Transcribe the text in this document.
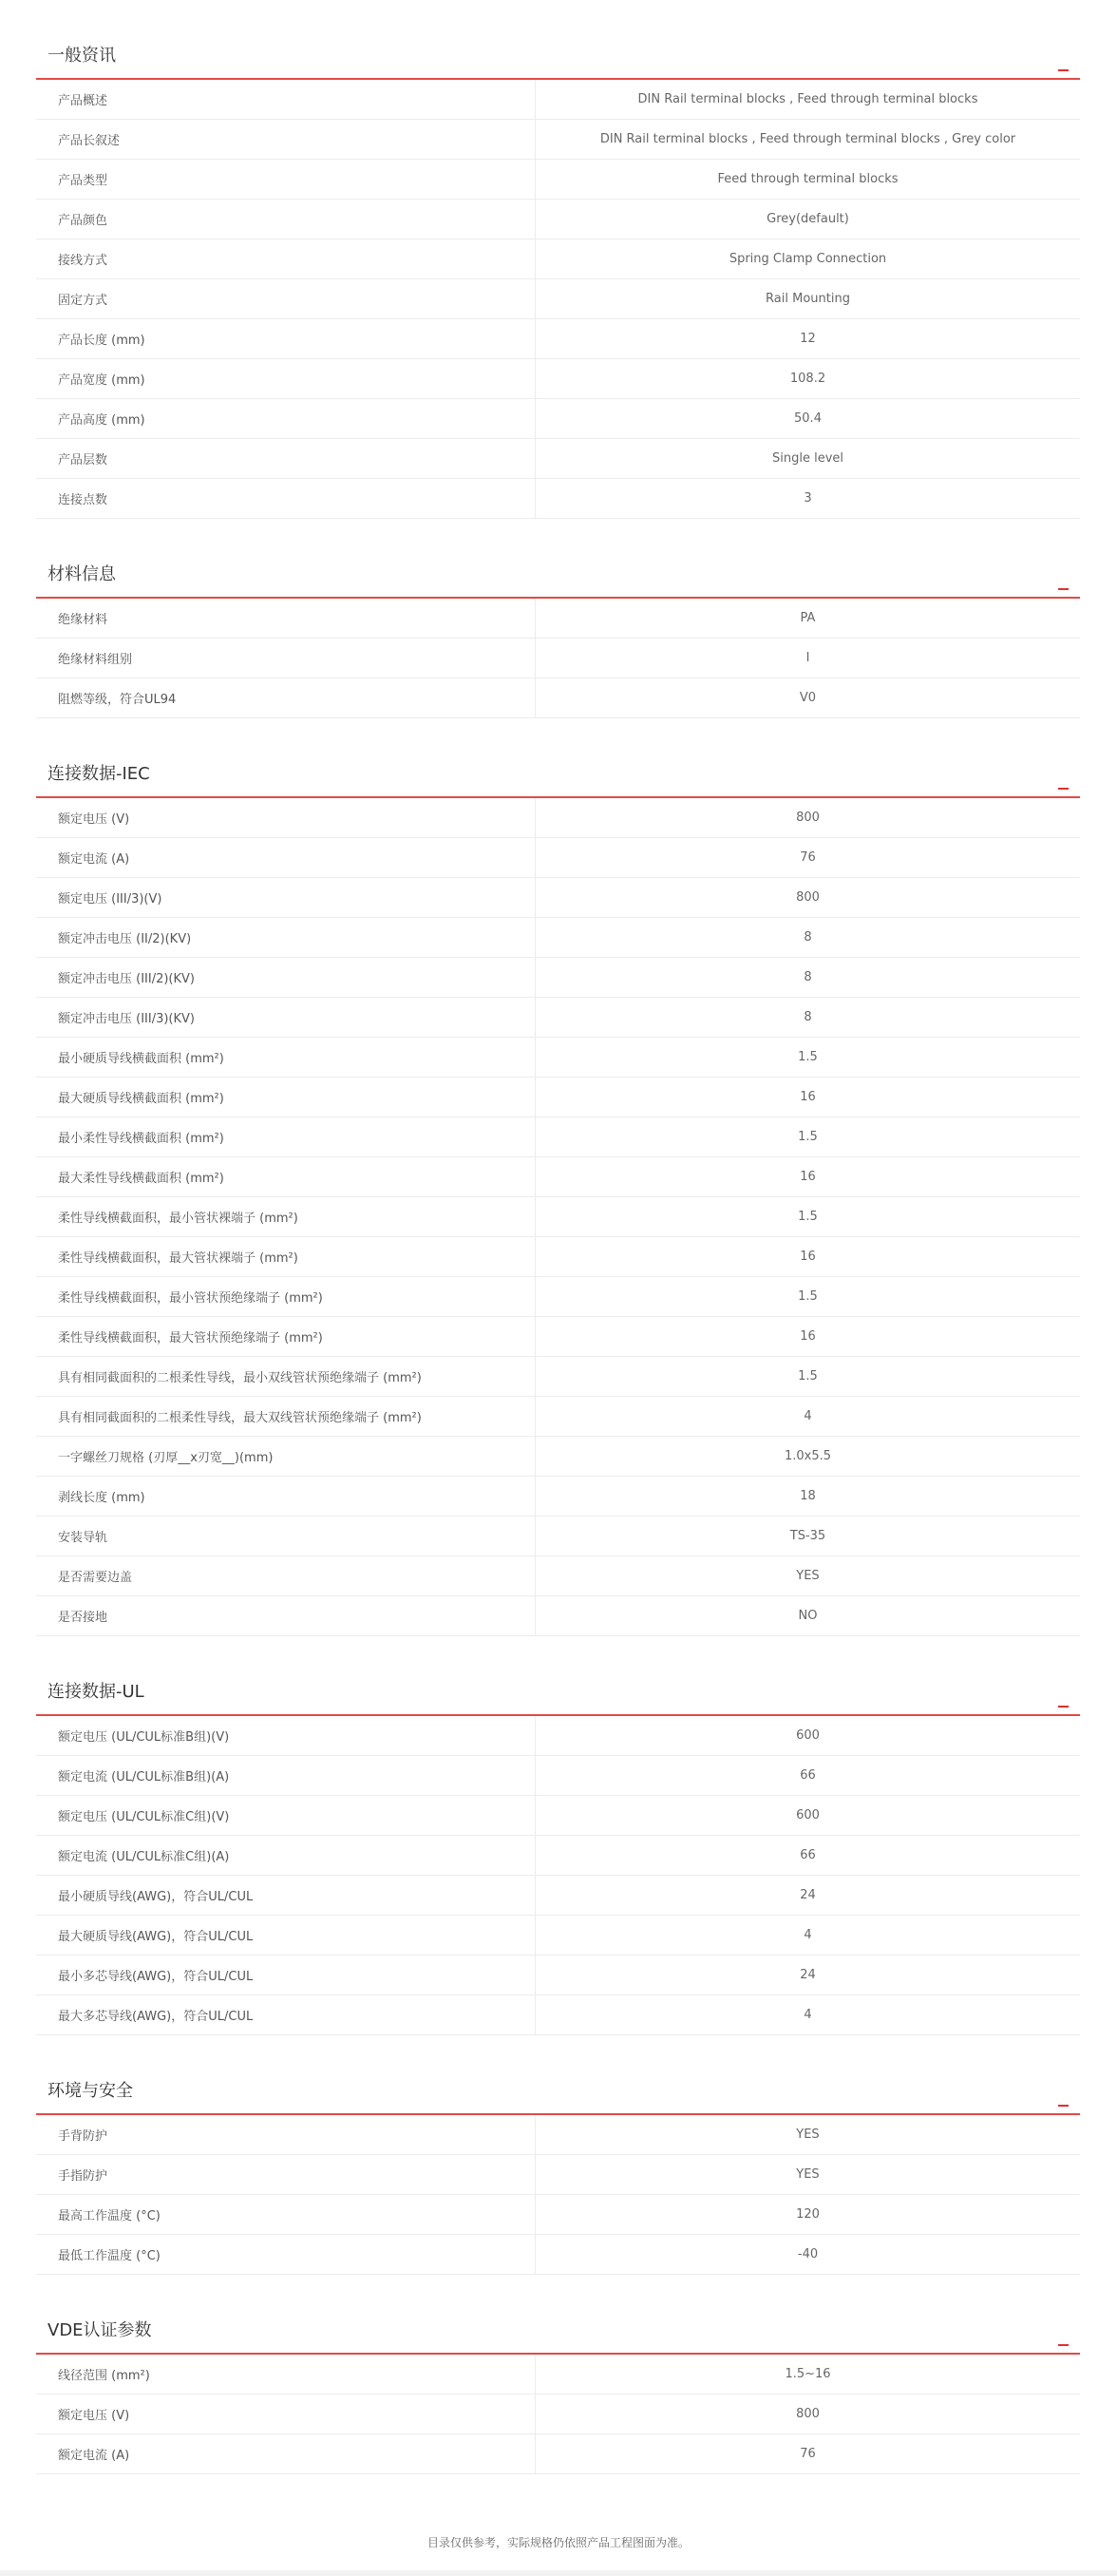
一般资讯
产品概述	DIN Rail terminal blocks , Feed through terminal blocks
产品长叙述	DIN Rail terminal blocks , Feed through terminal blocks , Grey color
产品类型	Feed through terminal blocks
产品颜色	Grey(default)
接线方式	Spring Clamp Connection
固定方式	Rail Mounting
产品长度 (mm)	12
产品宽度 (mm)	108.2
产品高度 (mm)	50.4
产品层数	Single level
连接点数	3
材料信息
绝缘材料	PA
绝缘材料组别	I
阻燃等级，符合UL94	V0
连接数据-IEC
额定电压 (V)	800
额定电流 (A)	76
额定电压 (III/3)(V)	800
额定冲击电压 (II/2)(KV)	8
额定冲击电压 (III/2)(KV)	8
额定冲击电压 (III/3)(KV)	8
最小硬质导线横截面积 (mm²)	1.5
最大硬质导线横截面积 (mm²)	16
最小柔性导线横截面积 (mm²)	1.5
最大柔性导线横截面积 (mm²)	16
柔性导线横截面积，最小管状裸端子 (mm²)	1.5
柔性导线横截面积，最大管状裸端子 (mm²)	16
柔性导线横截面积，最小管状预绝缘端子 (mm²)	1.5
柔性导线横截面积，最大管状预绝缘端子 (mm²)	16
具有相同截面积的二根柔性导线，最小双线管状预绝缘端子 (mm²)	1.5
具有相同截面积的二根柔性导线，最大双线管状预绝缘端子 (mm²)	4
一字螺丝刀规格 (刃厚__x刃宽__)(mm)	1.0x5.5
剥线长度 (mm)	18
安装导轨	TS-35
是否需要边盖	YES
是否接地	NO
连接数据-UL
额定电压 (UL/CUL标准B组)(V)	600
额定电流 (UL/CUL标准B组)(A)	66
额定电压 (UL/CUL标准C组)(V)	600
额定电流 (UL/CUL标准C组)(A)	66
最小硬质导线(AWG)，符合UL/CUL	24
最大硬质导线(AWG)，符合UL/CUL	4
最小多芯导线(AWG)，符合UL/CUL	24
最大多芯导线(AWG)，符合UL/CUL	4
环境与安全
手背防护	YES
手指防护	YES
最高工作温度 (°C)	120
最低工作温度 (°C)	-40
VDE认证参数
线径范围 (mm²)	1.5~16
额定电压 (V)	800
额定电流 (A)	76
目录仅供参考，实际规格仍依照产品工程图面为准。
